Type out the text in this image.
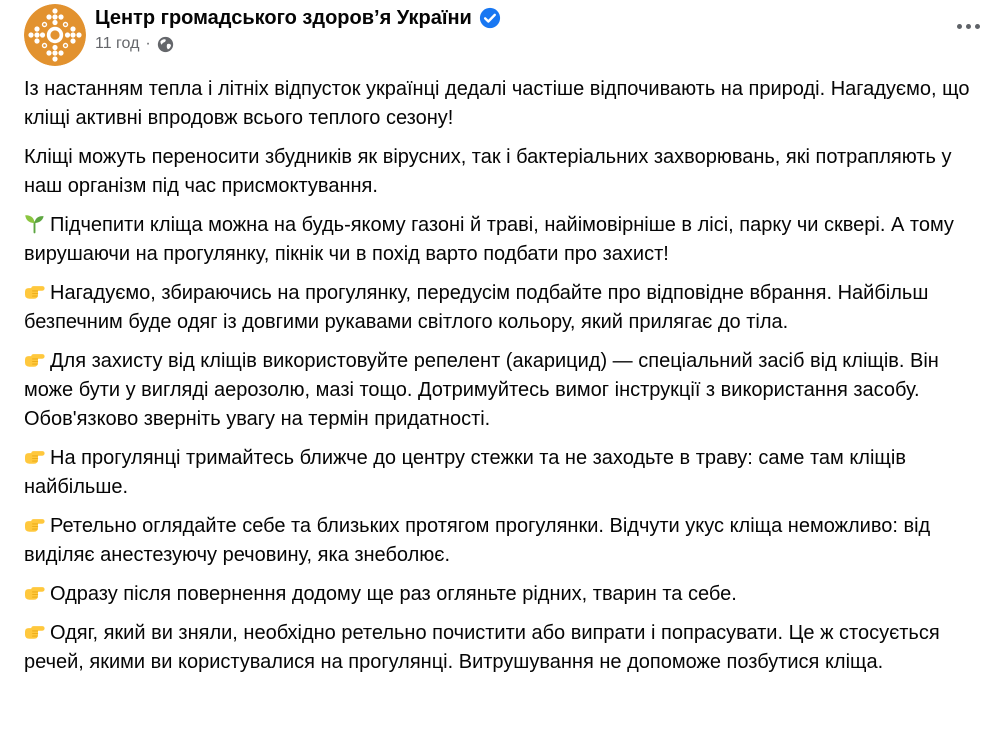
Центр громадського здоров’я України
11 год ·

Із настанням тепла і літніх відпусток українці дедалі частіше відпочивають на природі. Нагадуємо, що кліщі активні впродовж всього теплого сезону!

Кліщі можуть переносити збудників як вірусних, так і бактеріальних захворювань, які потрапляють у наш організм під час присмоктування.

Підчепити кліща можна на будь-якому газоні й траві, найімовірніше в лісі, парку чи сквері. А тому вирушаючи на прогулянку, пікнік чи в похід варто подбати про захист!

Нагадуємо, збираючись на прогулянку, передусім подбайте про відповідне вбрання. Найбільш безпечним буде одяг із довгими рукавами світлого кольору, який прилягає до тіла.

Для захисту від кліщів використовуйте репелент (акарицид) — спеціальний засіб від кліщів. Він може бути у вигляді аерозолю, мазі тощо. Дотримуйтесь вимог інструкції з використання засобу. Обов'язково зверніть увагу на термін придатності.

На прогулянці тримайтесь ближче до центру стежки та не заходьте в траву: саме там кліщів найбільше.

Ретельно оглядайте себе та близьких протягом прогулянки. Відчути укус кліща неможливо: від виділяє анестезуючу речовину, яка знеболює.

Одразу після повернення додому ще раз огляньте рідних, тварин та себе.

Одяг, який ви зняли, необхідно ретельно почистити або випрати і попрасувати. Це ж стосується речей, якими ви користувалися на прогулянці. Витрушування не допоможе позбутися кліща.
